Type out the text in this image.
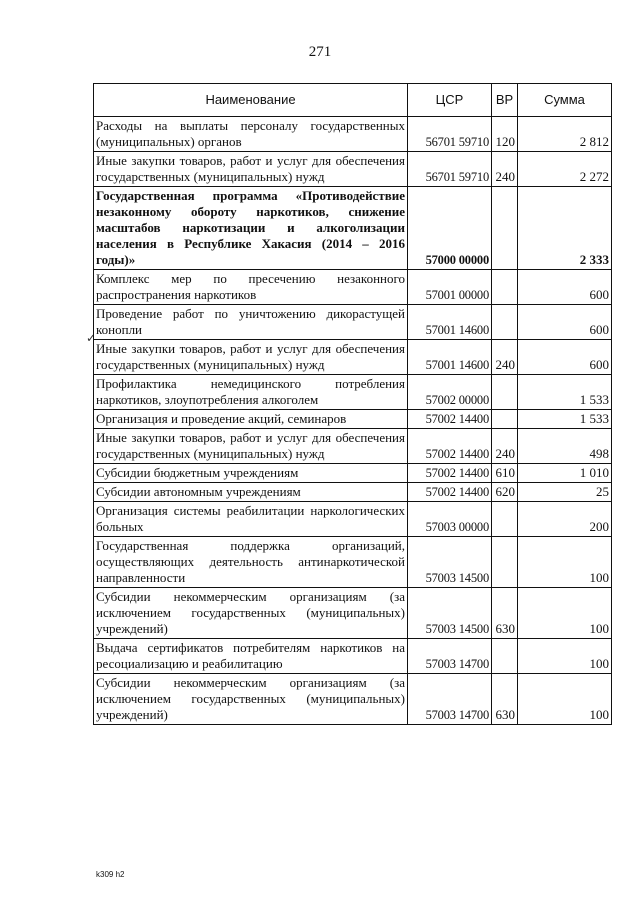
271
✓
Наименование	ЦСР	ВР	Сумма
Расходы на выплаты персоналу государственных (муниципальных) органов	56701 59710	120	2 812
Иные закупки товаров, работ и услуг для обеспечения государственных (муниципальных) нужд	56701 59710	240	2 272
Государственная программа «Противодействие незаконному обороту наркотиков, снижение масштабов наркотизации и алкоголизации населения в Республике Хакасия (2014 – 2016 годы)»	57000 00000		2 333
Комплекс мер по пресечению незаконного распространения наркотиков	57001 00000		600
Проведение работ по уничтожению дикорастущей конопли	57001 14600		600
Иные закупки товаров, работ и услуг для обеспечения государственных (муниципальных) нужд	57001 14600	240	600
Профилактика немедицинского потребления наркотиков, злоупотребления алкоголем	57002 00000		1 533
Организация и проведение акций, семинаров	57002 14400		1 533
Иные закупки товаров, работ и услуг для обеспечения государственных (муниципальных) нужд	57002 14400	240	498
Субсидии бюджетным учреждениям	57002 14400	610	1 010
Субсидии автономным учреждениям	57002 14400	620	25
Организация системы реабилитации наркологических больных	57003 00000		200
Государственная поддержка организаций, осуществляющих деятельность антинаркотической направленности	57003 14500		100
Субсидии некоммерческим организациям (за исключением государственных (муниципальных) учреждений)	57003 14500	630	100
Выдача сертификатов потребителям наркотиков на ресоциализацию и реабилитацию	57003 14700		100
Субсидии некоммерческим организациям (за исключением государственных (муниципальных) учреждений)	57003 14700	630	100
k309 h2
